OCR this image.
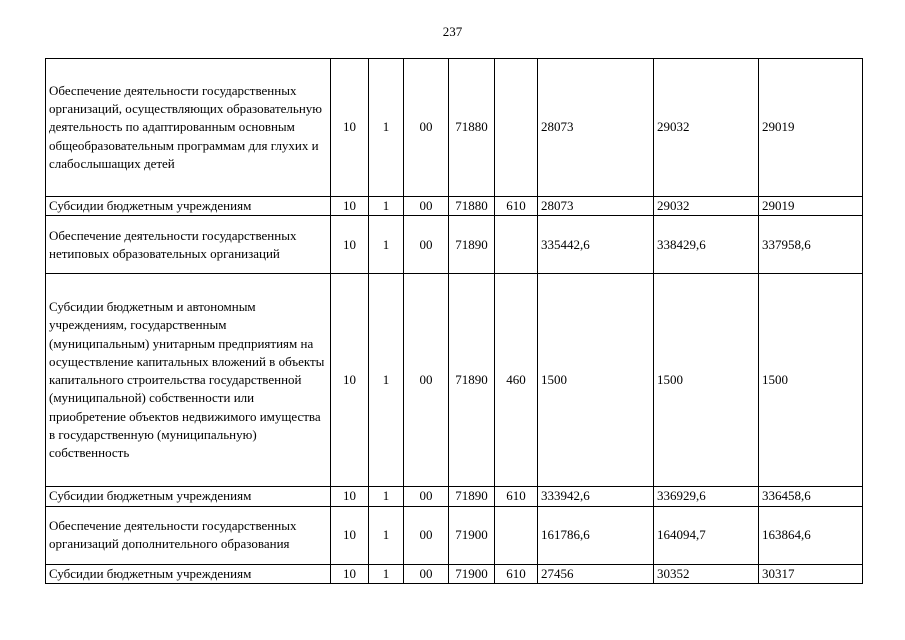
237
Обеспечение деятельности государственных организаций, осуществляющих образовательную деятельность по адаптированным основным общеобразовательным программам для глухих и слабослышащих детей	10	1	00	71880		28073	29032	29019
Субсидии бюджетным учреждениям	10	1	00	71880	610	28073	29032	29019
Обеспечение деятельности государственных нетиповых образовательных организаций	10	1	00	71890		335442,6	338429,6	337958,6
Субсидии бюджетным и автономным учреждениям, государственным (муниципальным) унитарным предприятиям на осуществление капитальных вложений в объекты капитального строительства государственной (муниципальной) собственности или приобретение объектов недвижимого имущества в государственную (муниципальную) собственность	10	1	00	71890	460	1500	1500	1500
Субсидии бюджетным учреждениям	10	1	00	71890	610	333942,6	336929,6	336458,6
Обеспечение деятельности государственных организаций дополнительного образования	10	1	00	71900		161786,6	164094,7	163864,6
Субсидии бюджетным учреждениям	10	1	00	71900	610	27456	30352	30317
